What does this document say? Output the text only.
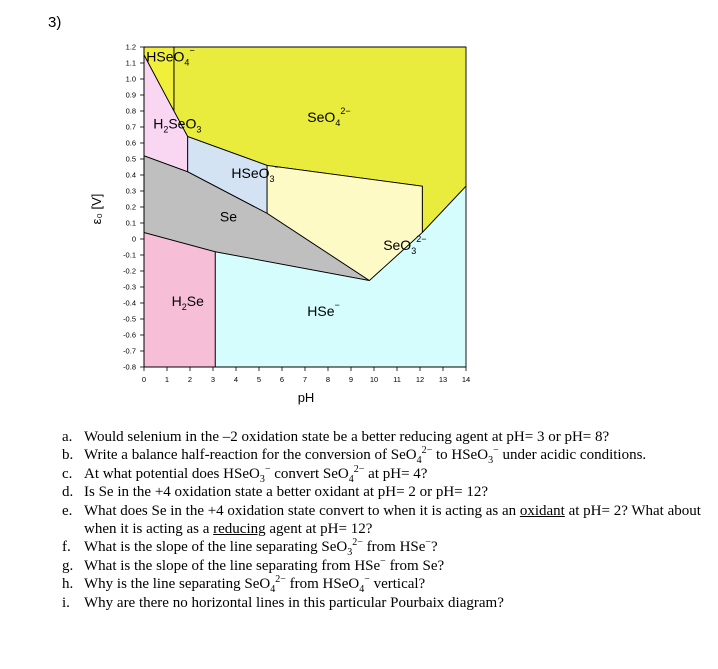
3)
1.2
1.1
1.0
0.9
0.8
0.7
0.6
0.5
0.4
0.3
0.2
0.1
0
-0.1
-0.2
-0.3
-0.4
-0.5
-0.6
-0.7
-0.8
0	1	2	3	4	5	6	7	8	9 10 11 12 13 14
HSeO$_4$−
SeO$_4^{2-}$
$H_2SeO_3$
HSeO$_3$−
Se
SeO$_3^{2-}$
$H_2Se$
HSe−
pH
ε₀ [V]
a. Would selenium in the –2 oxidation state be a better reducing agent at pH= 3 or pH= 8?
b. Write a balance half-reaction for the conversion of SeO$_4^{2-}$ to HSeO$_3$− under acidic conditions.
c. At what potential does HSeO$_3$− convert SeO$_4^{2-}$ at pH= 4?
d. Is Se in the +4 oxidation state a better oxidant at pH= 2 or pH= 12?
e. What does Se in the +4 oxidation state convert to when it is acting as an oxidant at pH= 2? What about when it is acting as a reducing agent at pH= 12?
f. What is the slope of the line separating SeO$_3^{2-}$ from HSe−?
g. What is the slope of the line separating from HSe− from Se?
h. Why is the line separating SeO$_4^{2-}$ from HSeO$_4$− vertical?
i. Why are there no horizontal lines in this particular Pourbaix diagram?
